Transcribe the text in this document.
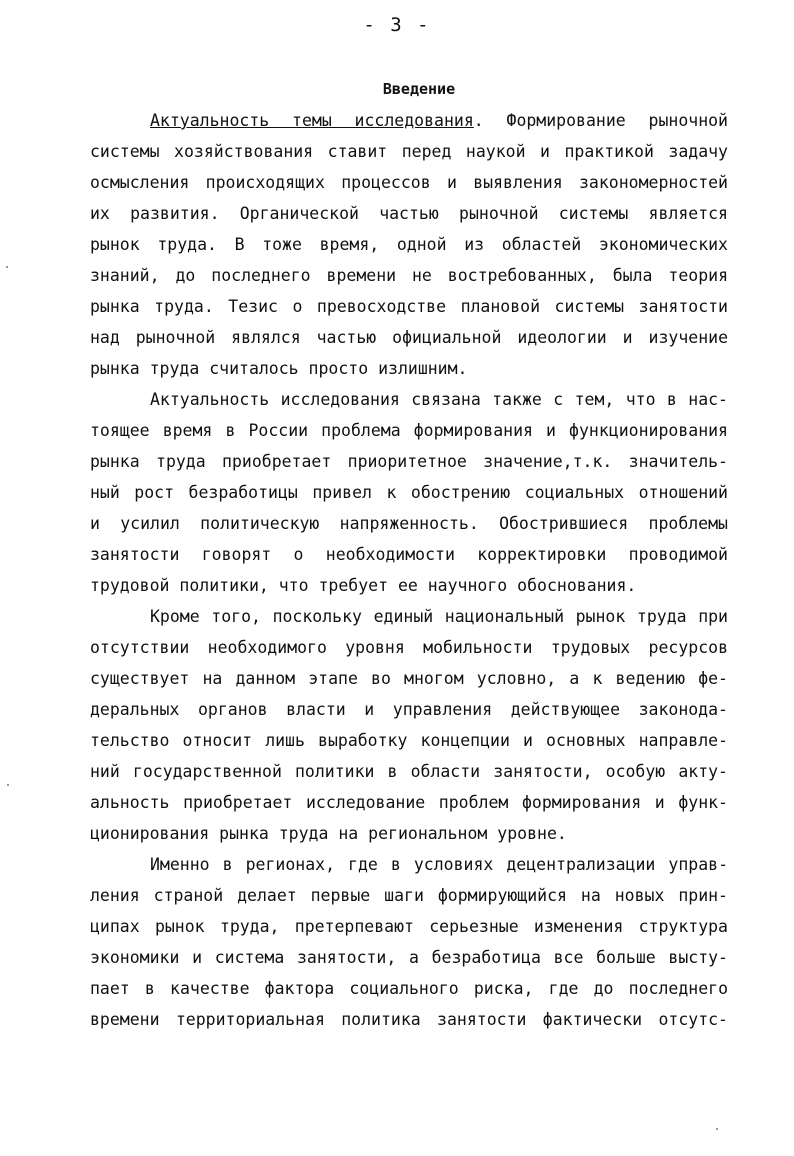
- 3 -
Введение
Актуальность темы исследования. Формирование рыночной
системы хозяйствования ставит перед наукой и практикой задачу
осмысления происходящих процессов и выявления закономерностей
их развития. Органической частью рыночной системы является
рынок труда. В тоже время, одной из областей экономических
знаний, до последнего времени не востребованных, была теория
рынка труда. Тезис о превосходстве плановой системы занятости
над рыночной являлся частью официальной идеологии и изучение
рынка труда считалось просто излишним.
Актуальность исследования связана также с тем, что в нас-
тоящее время в России проблема формирования и функционирования
рынка труда приобретает приоритетное значение,т.к. значитель-
ный рост безработицы привел к обострению социальных отношений
и усилил политическую напряженность. Обострившиеся проблемы
занятости говорят о необходимости корректировки проводимой
трудовой политики, что требует ее научного обоснования.
Кроме того, поскольку единый национальный рынок труда при
отсутствии необходимого уровня мобильности трудовых ресурсов
существует на данном этапе во многом условно, а к ведению фе-
деральных органов власти и управления действующее законода-
тельство относит лишь выработку концепции и основных направле-
ний государственной политики в области занятости, особую акту-
альность приобретает исследование проблем формирования и функ-
ционирования рынка труда на региональном уровне.
Именно в регионах, где в условиях децентрализации управ-
ления страной делает первые шаги формирующийся на новых прин-
ципах рынок труда, претерпевают серьезные изменения структура
экономики и система занятости, а безработица все больше высту-
пает в качестве фактора социального риска, где до последнего
времени территориальная политика занятости фактически отсутс-
